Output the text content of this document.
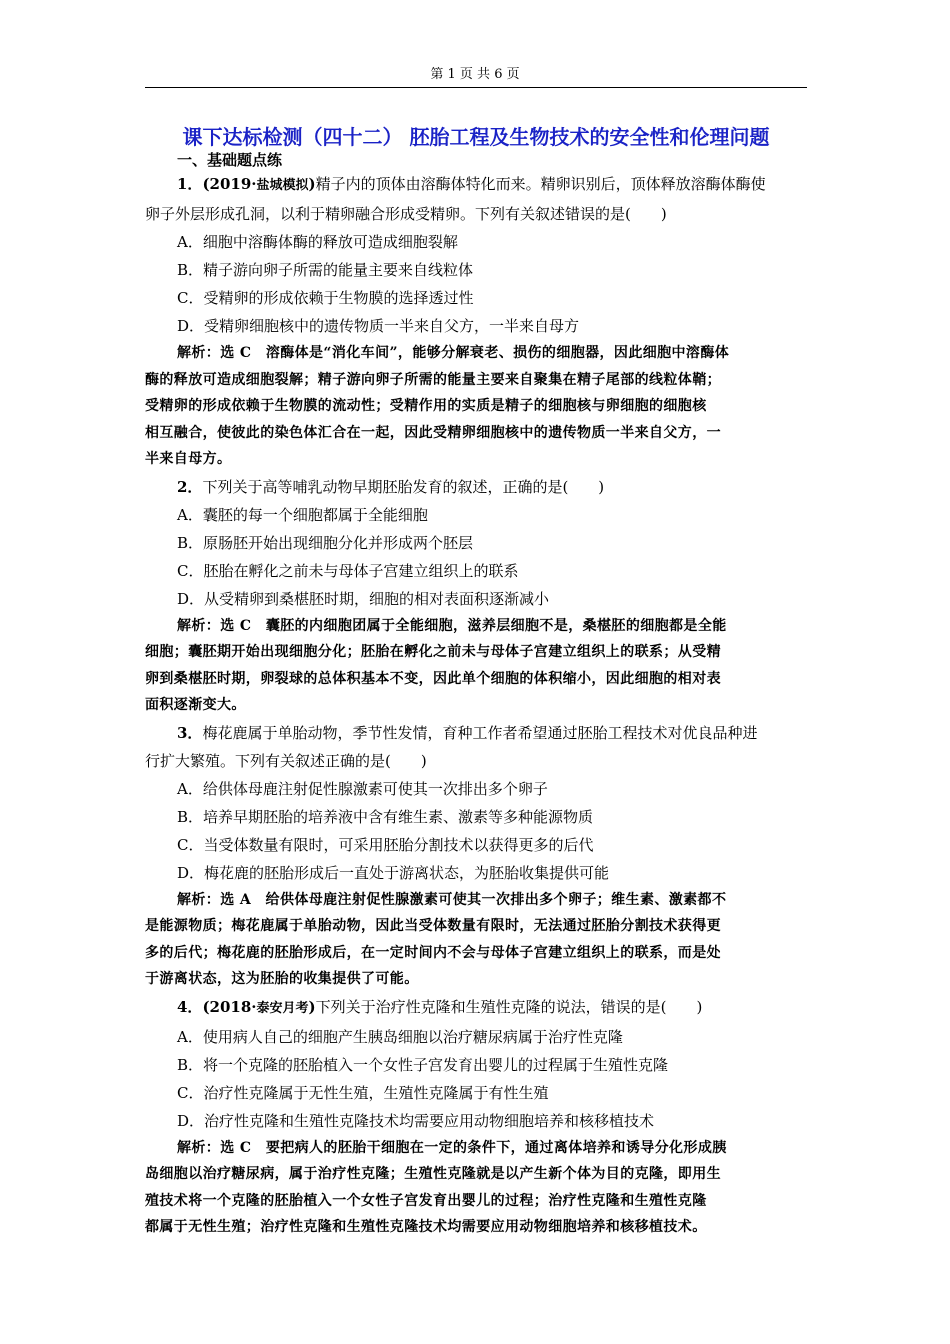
第 1 页 共 6 页
课下达标检测（四十二） 胚胎工程及生物技术的安全性和伦理问题
一、基础题点练

1．(2019·盐城模拟)精子内的顶体由溶酶体特化而来。精卵识别后，顶体释放溶酶体酶使

卵子外层形成孔洞，以利于精卵融合形成受精卵。下列有关叙述错误的是(　　)

A．细胞中溶酶体酶的释放可造成细胞裂解

B．精子游向卵子所需的能量主要来自线粒体

C．受精卵的形成依赖于生物膜的选择透过性

D．受精卵细胞核中的遗传物质一半来自父方，一半来自母方

解析：选 C　溶酶体是“消化车间”，能够分解衰老、损伤的细胞器，因此细胞中溶酶体

酶的释放可造成细胞裂解；精子游向卵子所需的能量主要来自聚集在精子尾部的线粒体鞘；

受精卵的形成依赖于生物膜的流动性；受精作用的实质是精子的细胞核与卵细胞的细胞核

相互融合，使彼此的染色体汇合在一起，因此受精卵细胞核中的遗传物质一半来自父方，一

半来自母方。

2．下列关于高等哺乳动物早期胚胎发育的叙述，正确的是(　　)

A．囊胚的每一个细胞都属于全能细胞

B．原肠胚开始出现细胞分化并形成两个胚层

C．胚胎在孵化之前未与母体子宫建立组织上的联系

D．从受精卵到桑椹胚时期，细胞的相对表面积逐渐减小

解析：选 C　囊胚的内细胞团属于全能细胞，滋养层细胞不是，桑椹胚的细胞都是全能

细胞；囊胚期开始出现细胞分化；胚胎在孵化之前未与母体子宫建立组织上的联系；从受精

卵到桑椹胚时期，卵裂球的总体积基本不变，因此单个细胞的体积缩小，因此细胞的相对表

面积逐渐变大。

3．梅花鹿属于单胎动物，季节性发情，育种工作者希望通过胚胎工程技术对优良品种进

行扩大繁殖。下列有关叙述正确的是(　　)

A．给供体母鹿注射促性腺激素可使其一次排出多个卵子

B．培养早期胚胎的培养液中含有维生素、激素等多种能源物质

C．当受体数量有限时，可采用胚胎分割技术以获得更多的后代

D．梅花鹿的胚胎形成后一直处于游离状态，为胚胎收集提供可能

解析：选 A　给供体母鹿注射促性腺激素可使其一次排出多个卵子；维生素、激素都不

是能源物质；梅花鹿属于单胎动物，因此当受体数量有限时，无法通过胚胎分割技术获得更

多的后代；梅花鹿的胚胎形成后，在一定时间内不会与母体子宫建立组织上的联系，而是处

于游离状态，这为胚胎的收集提供了可能。

4．(2018·泰安月考)下列关于治疗性克隆和生殖性克隆的说法，错误的是(　　)

A．使用病人自己的细胞产生胰岛细胞以治疗糖尿病属于治疗性克隆

B．将一个克隆的胚胎植入一个女性子宫发育出婴儿的过程属于生殖性克隆

C．治疗性克隆属于无性生殖，生殖性克隆属于有性生殖

D．治疗性克隆和生殖性克隆技术均需要应用动物细胞培养和核移植技术

解析：选 C　要把病人的胚胎干细胞在一定的条件下，通过离体培养和诱导分化形成胰

岛细胞以治疗糖尿病，属于治疗性克隆；生殖性克隆就是以产生新个体为目的克隆，即用生

殖技术将一个克隆的胚胎植入一个女性子宫发育出婴儿的过程；治疗性克隆和生殖性克隆

都属于无性生殖；治疗性克隆和生殖性克隆技术均需要应用动物细胞培养和核移植技术。
